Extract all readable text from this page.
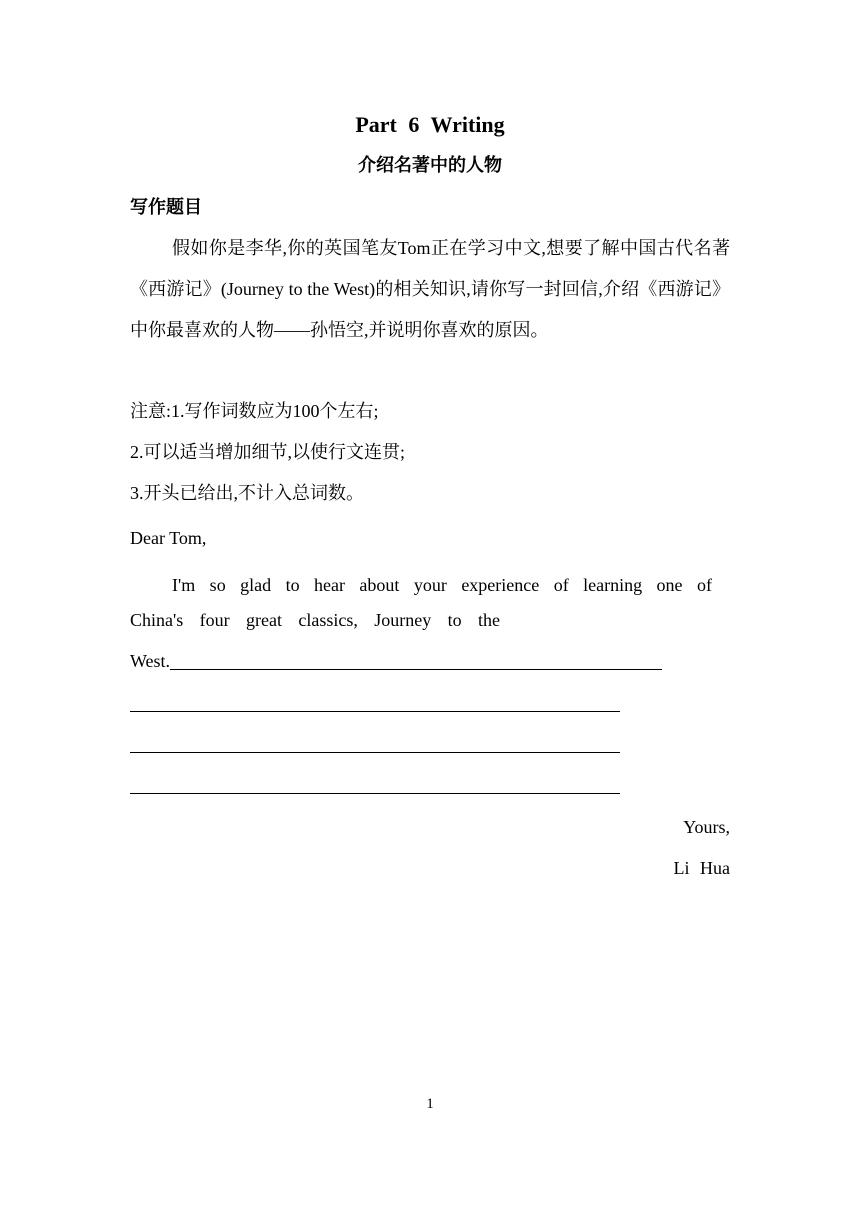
Part 6 Writing
介绍名著中的人物
写作题目
假如你是李华,你的英国笔友Tom正在学习中文,想要了解中国古代名著《西游记》(Journey to the West)的相关知识,请你写一封回信,介绍《西游记》中你最喜欢的人物——孙悟空,并说明你喜欢的原因。
注意:1.写作词数应为100个左右;
2.可以适当增加细节,以使行文连贯;
3.开头已给出,不计入总词数。
Dear Tom,
I'm so glad to hear about your experience of learning one of
China's four great classics, Journey to the
West.
Yours,
Li Hua
1
